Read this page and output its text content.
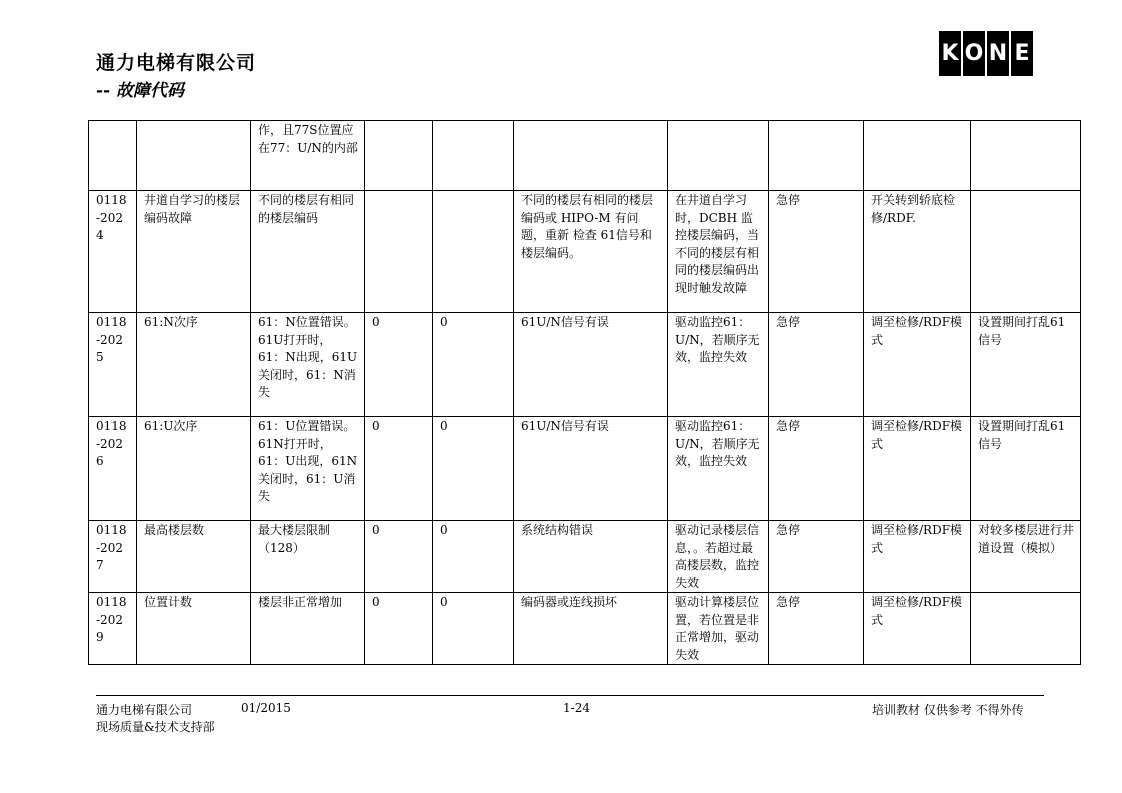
通力电梯有限公司
-- 故障代码
K O N E
		作，且77S位置应在77：U/N的内部							
0118-2024	井道自学习的楼层编码故障	不同的楼层有相同的楼层编码			不同的楼层有相同的楼层编码或 HIPO-M 有问题，重新 检查 61信号和楼层编码。	在井道自学习时，DCBH 监控楼层编码，当不同的楼层有相同的楼层编码出现时触发故障	急停	开关转到轿底检修/RDF.	
0118-2025	61:N次序	61：N位置错误。61U打开时，61：N出现，61U关闭时，61：N消失	0	0	61U/N信号有误	驱动监控61：U/N，若顺序无效，监控失效	急停	调至检修/RDF模式	设置期间打乱61信号
0118-2026	61:U次序	61：U位置错误。61N打开时，61：U出现，61N关闭时，61：U消失	0	0	61U/N信号有误	驱动监控61：U/N，若顺序无效，监控失效	急停	调至检修/RDF模式	设置期间打乱61信号
0118-2027	最高楼层数	最大楼层限制（128）	0	0	系统结构错误	驱动记录楼层信息，。若超过最高楼层数，监控失效	急停	调至检修/RDF模式	对较多楼层进行井道设置（模拟）
0118-2029	位置计数	楼层非正常增加	0	0	编码器或连线损坏	驱动计算楼层位置，若位置是非正常增加，驱动失效	急停	调至检修/RDF模式	
通力电梯有限公司	01/2015	1-24	培训教材 仅供参考 不得外传
现场质量&技术支持部
